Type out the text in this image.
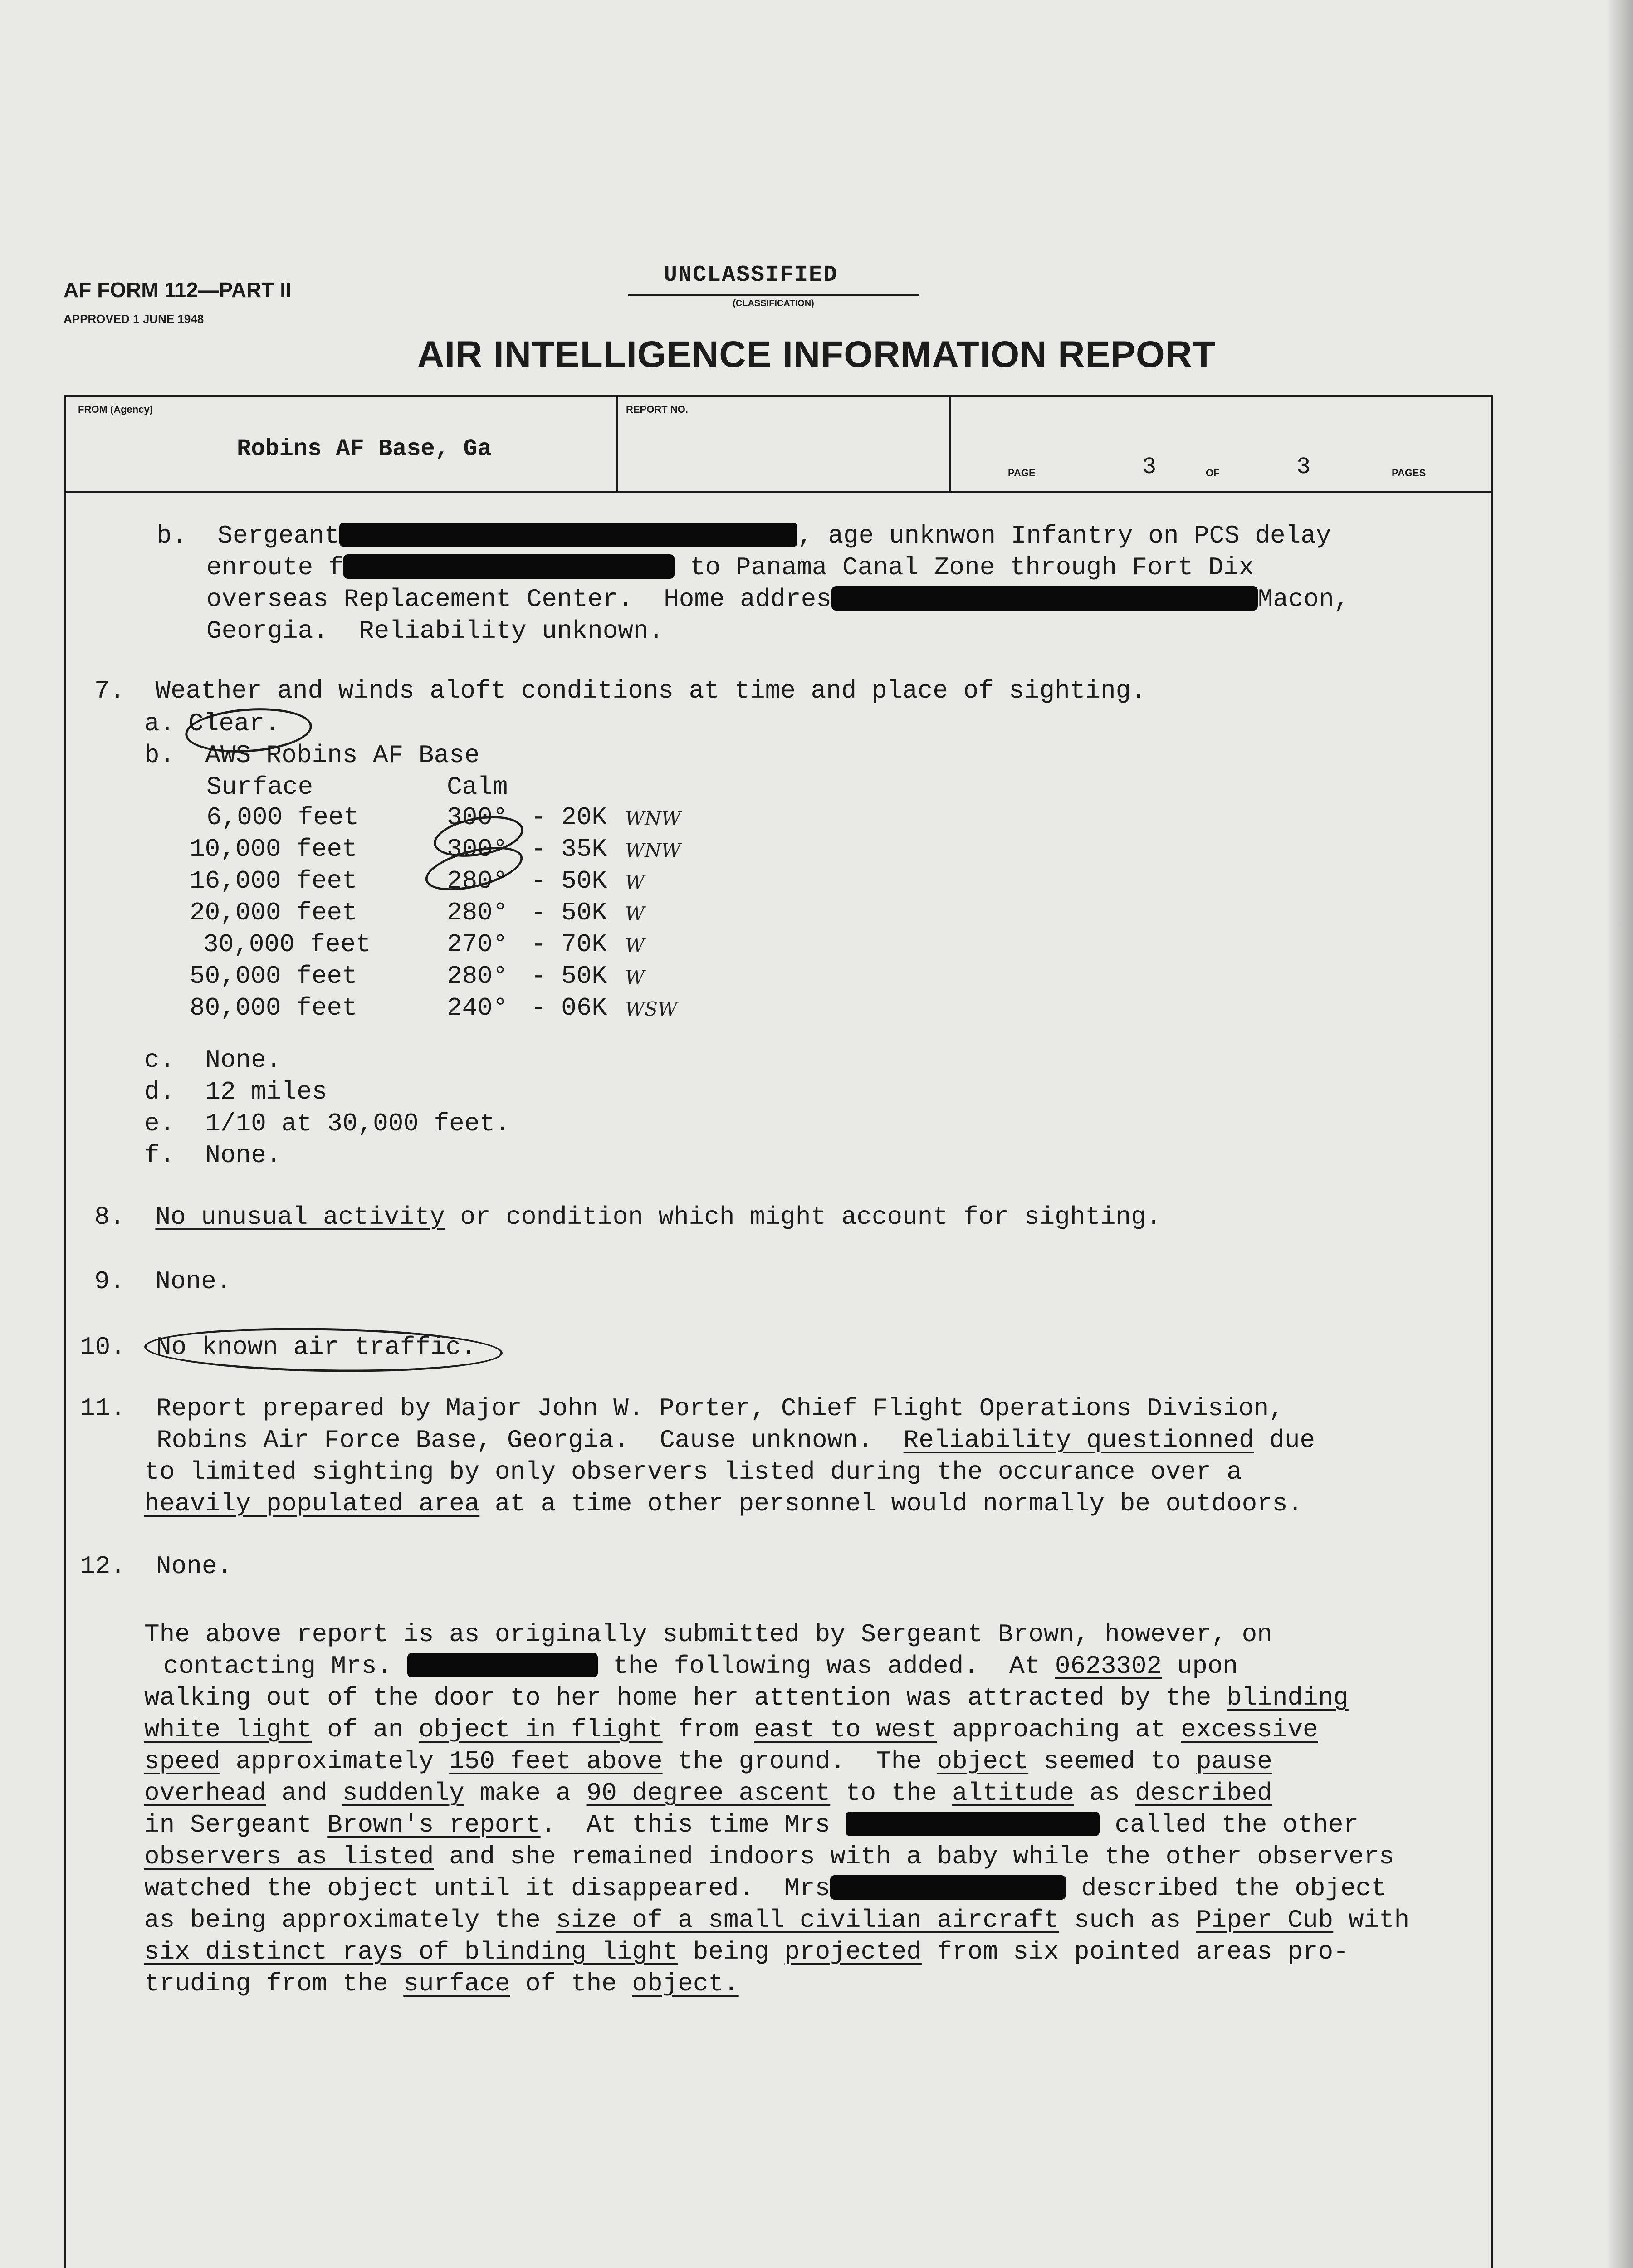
AF FORM 112—PART II
APPROVED 1 JUNE 1948
UNCLASSIFIED
(CLASSIFICATION)
AIR INTELLIGENCE INFORMATION REPORT
FROM (Agency)
Robins AF Base, Ga
REPORT NO.
PAGE	3	OF	3	PAGES
b.  Sergeant	, age unknwon Infantry on PCS delay
enroute f	to Panama Canal Zone through Fort Dix
overseas Replacement Center.  Home addres	Macon,
Georgia.  Reliability unknown.
7.  Weather and winds aloft conditions at time and place of sighting.
a. Clear.
b.  AWS Robins AF Base
Surface	Calm
6,000 feet	300° - 20K WNW
10,000 feet	300° - 35K WNW
16,000 feet	280° - 50K W
20,000 feet	280° - 50K W
30,000 feet	270° - 70K W
50,000 feet	280° - 50K W
80,000 feet	240° - 06K WSW
c.  None.
d.  12 miles
e.  1/10 at 30,000 feet.
f.  None.
8. No unusual activity or condition which might account for sighting.
9.  None.
10. No known air traffic.
11.  Report prepared by Major John W. Porter, Chief Flight Operations Division,
Robins Air Force Base, Georgia.  Cause unknown.  Reliability questionned due
to limited sighting by only observers listed during the occurance over a
heavily populated area at a time other personnel would normally be outdoors.
12.  None.
The above report is as originally submitted by Sergeant Brown, however, on
contacting Mrs.	the following was added.  At 0623302 upon
walking out of the door to her home her attention was attracted by the blinding
white light of an object in flight from east to west approaching at excessive
speed approximately 150 feet above the ground.  The object seemed to pause
overhead and suddenly make a 90 degree ascent to the altitude as described
in Sergeant Brown's report.  At this time Mrs	called the other
observers as listed and she remained indoors with a baby while the other observers
watched the object until it disappeared.  Mrs	described the object
as being approximately the size of a small civilian aircraft such as Piper Cub with
six distinct rays of blinding light being projected from six pointed areas pro-
truding from the surface of the object.
